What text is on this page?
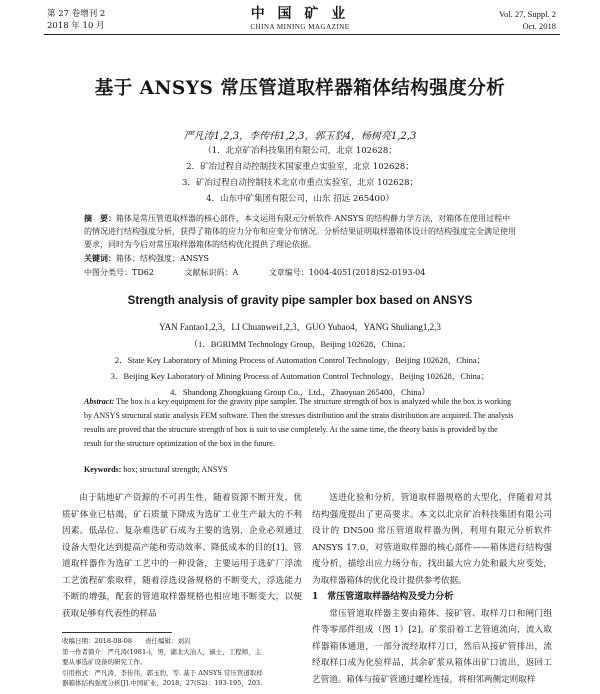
第 27 卷增刊 2
2018 年 10 月
中 国 矿 业
CHINA MINING MAGAZINE
Vol. 27, Suppl. 2
Oct. 2018
基于 ANSYS 常压管道取样器箱体结构强度分析
严凡涛1,2,3，李传伟1,2,3，郭玉豹4，杨树亮1,2,3
（1．北京矿冶科技集团有限公司，北京 102628；
2．矿冶过程自动控制技术国家重点实验室，北京 102628；
3．矿冶过程自动控制技术北京市重点实验室，北京 102628；
4．山东中矿集团有限公司，山东 招远 265400）
摘　要：箱体是常压管道取样器的核心部件，本文运用有限元分析软件 ANSYS 的结构静力学方法，对箱体在使用过程中的情况进行结构强度分析，获得了箱体的应力分布和应变分布情况。分析结果证明取样器箱体设计的结构强度完全满足使用要求，同时为今后对常压取样器箱体的结构优化提供了理论依据。
关键词：箱体；结构强度；ANSYS
中图分类号：TD62	文献标识码：A	文章编号：1004-4051(2018)S2-0193-04
Strength analysis of gravity pipe sampler box based on ANSYS
YAN Fantao1,2,3，LI Chuanwei1,2,3，GUO Yubao4，YANG Shuliang1,2,3
（1．BGRIMM Technology Group，Beijing 102628，China；
2．State Key Laboratory of Mining Process of Automation Control Technology，Beijing 102628，China；
3．Beijing Key Laboratory of Mining Process of Automation Control Technology，Beijing 102628，China；
4．Shandong Zhongkuang Group Co.，Ltd.，Zhaoyuan 265400，China）
Abstract: The box is a key equipment for the gravity pipe sampler. The structure strength of box is analyzed while the box is working by ANSYS structural static analysis FEM software. Then the stresses distribution and the strain distribution are acquired. The analysis results are proved that the structure strength of box is suit to use completely. At the same time, the theory basis is provided by the result for the structure optimization of the box in the future.
Keywords: box; structural strength; ANSYS

由于陆地矿产资源的不可再生性，随着资源不断开发，优质矿体业已枯竭，矿石质量下降成为选矿工业生产最大的不利因素。低品位、复杂难选矿石成为主要的选别，企业必须通过设备大型化达到提高产能和劳动效率、降低成本的目的[1]。管道取样器作为选矿工艺中的一种设备，主要运用于选矿厂浮流工艺流程矿浆取样，随着浮选设备规格的不断变大，浮选能力不断的增强，配套的管道取样器规格也相应地不断变大，以便获取足够有代表性的样品

送进化验和分析，管道取样器规格的大型化，伴随着对其结构强度提出了更高要求。本文以北京矿冶科技集团有限公司设计的 DN500 常压管道取样器为例，利用有限元分析软件 ANSYS 17.0，对管道取样器的核心部件——箱体进行结构强度分析，描绘出应力场分布，找出最大应力处和最大应变处，为取样器箱体的优化设计提供参考依据。

1　常压管道取样器结构及受力分析

常压管道取样器主要由箱体、接矿管、取样刀口和闸门组件等零部件组成（图 1）[2]。矿浆沿着工艺管道流向，流入取样器箱体通道，一部分流经取样刀口，然后从接矿管排出，流经取样口成为化验样品，其余矿浆从箱体出矿口流出，返回工艺管道。箱体与接矿管通过螺栓连接，将相邻两侧定则取样

收稿日期：2018-08-08　　责任编辑：刘岩
第一作者简介：严凡涛(1981-)，男，湖北大冶人，硕士，工程师，主
要从事选矿设备的研究工作。
引用格式：严凡涛，李传伟，郭玉豹，等. 基于 ANSYS 常压管道取样
器箱体结构强度分析[J].中国矿业，2018，27(S2)：193-195，203.
